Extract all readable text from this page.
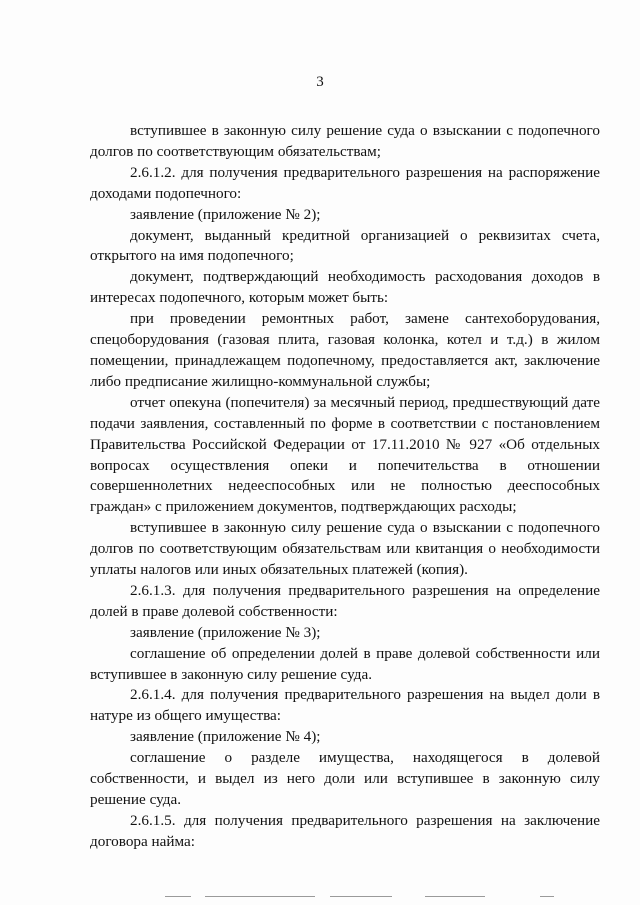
3

вступившее в законную силу решение суда о взыскании с подопечного долгов по соответствующим обязательствам;

2.6.1.2. для получения предварительного разрешения на распоряжение доходами подопечного:

заявление (приложение № 2);

документ, выданный кредитной организацией о реквизитах счета, открытого на имя подопечного;

документ, подтверждающий необходимость расходования доходов в интересах подопечного, которым может быть:

при проведении ремонтных работ, замене сантехоборудования, спецоборудования (газовая плита, газовая колонка, котел и т.д.) в жилом помещении, принадлежащем подопечному, предоставляется акт, заключение либо предписание жилищно-коммунальной службы;

отчет опекуна (попечителя) за месячный период, предшествующий дате подачи заявления, составленный по форме в соответствии с постановлением Правительства Российской Федерации от 17.11.2010 № 927 «Об отдельных вопросах осуществления опеки и попечительства в отношении совершеннолетних недееспособных или не полностью дееспособных граждан» с приложением документов, подтверждающих расходы;

вступившее в законную силу решение суда о взыскании с подопечного долгов по соответствующим обязательствам или квитанция о необходимости уплаты налогов или иных обязательных платежей (копия).

2.6.1.3. для получения предварительного разрешения на определение долей в праве долевой собственности:

заявление (приложение № 3);

соглашение об определении долей в праве долевой собственности или вступившее в законную силу решение суда.

2.6.1.4. для получения предварительного разрешения на выдел доли в натуре из общего имущества:

заявление (приложение № 4);

соглашение о разделе имущества, находящегося в долевой собственности, и выдел из него доли или вступившее в законную силу решение суда.

2.6.1.5. для получения предварительного разрешения на заключение договора найма:
